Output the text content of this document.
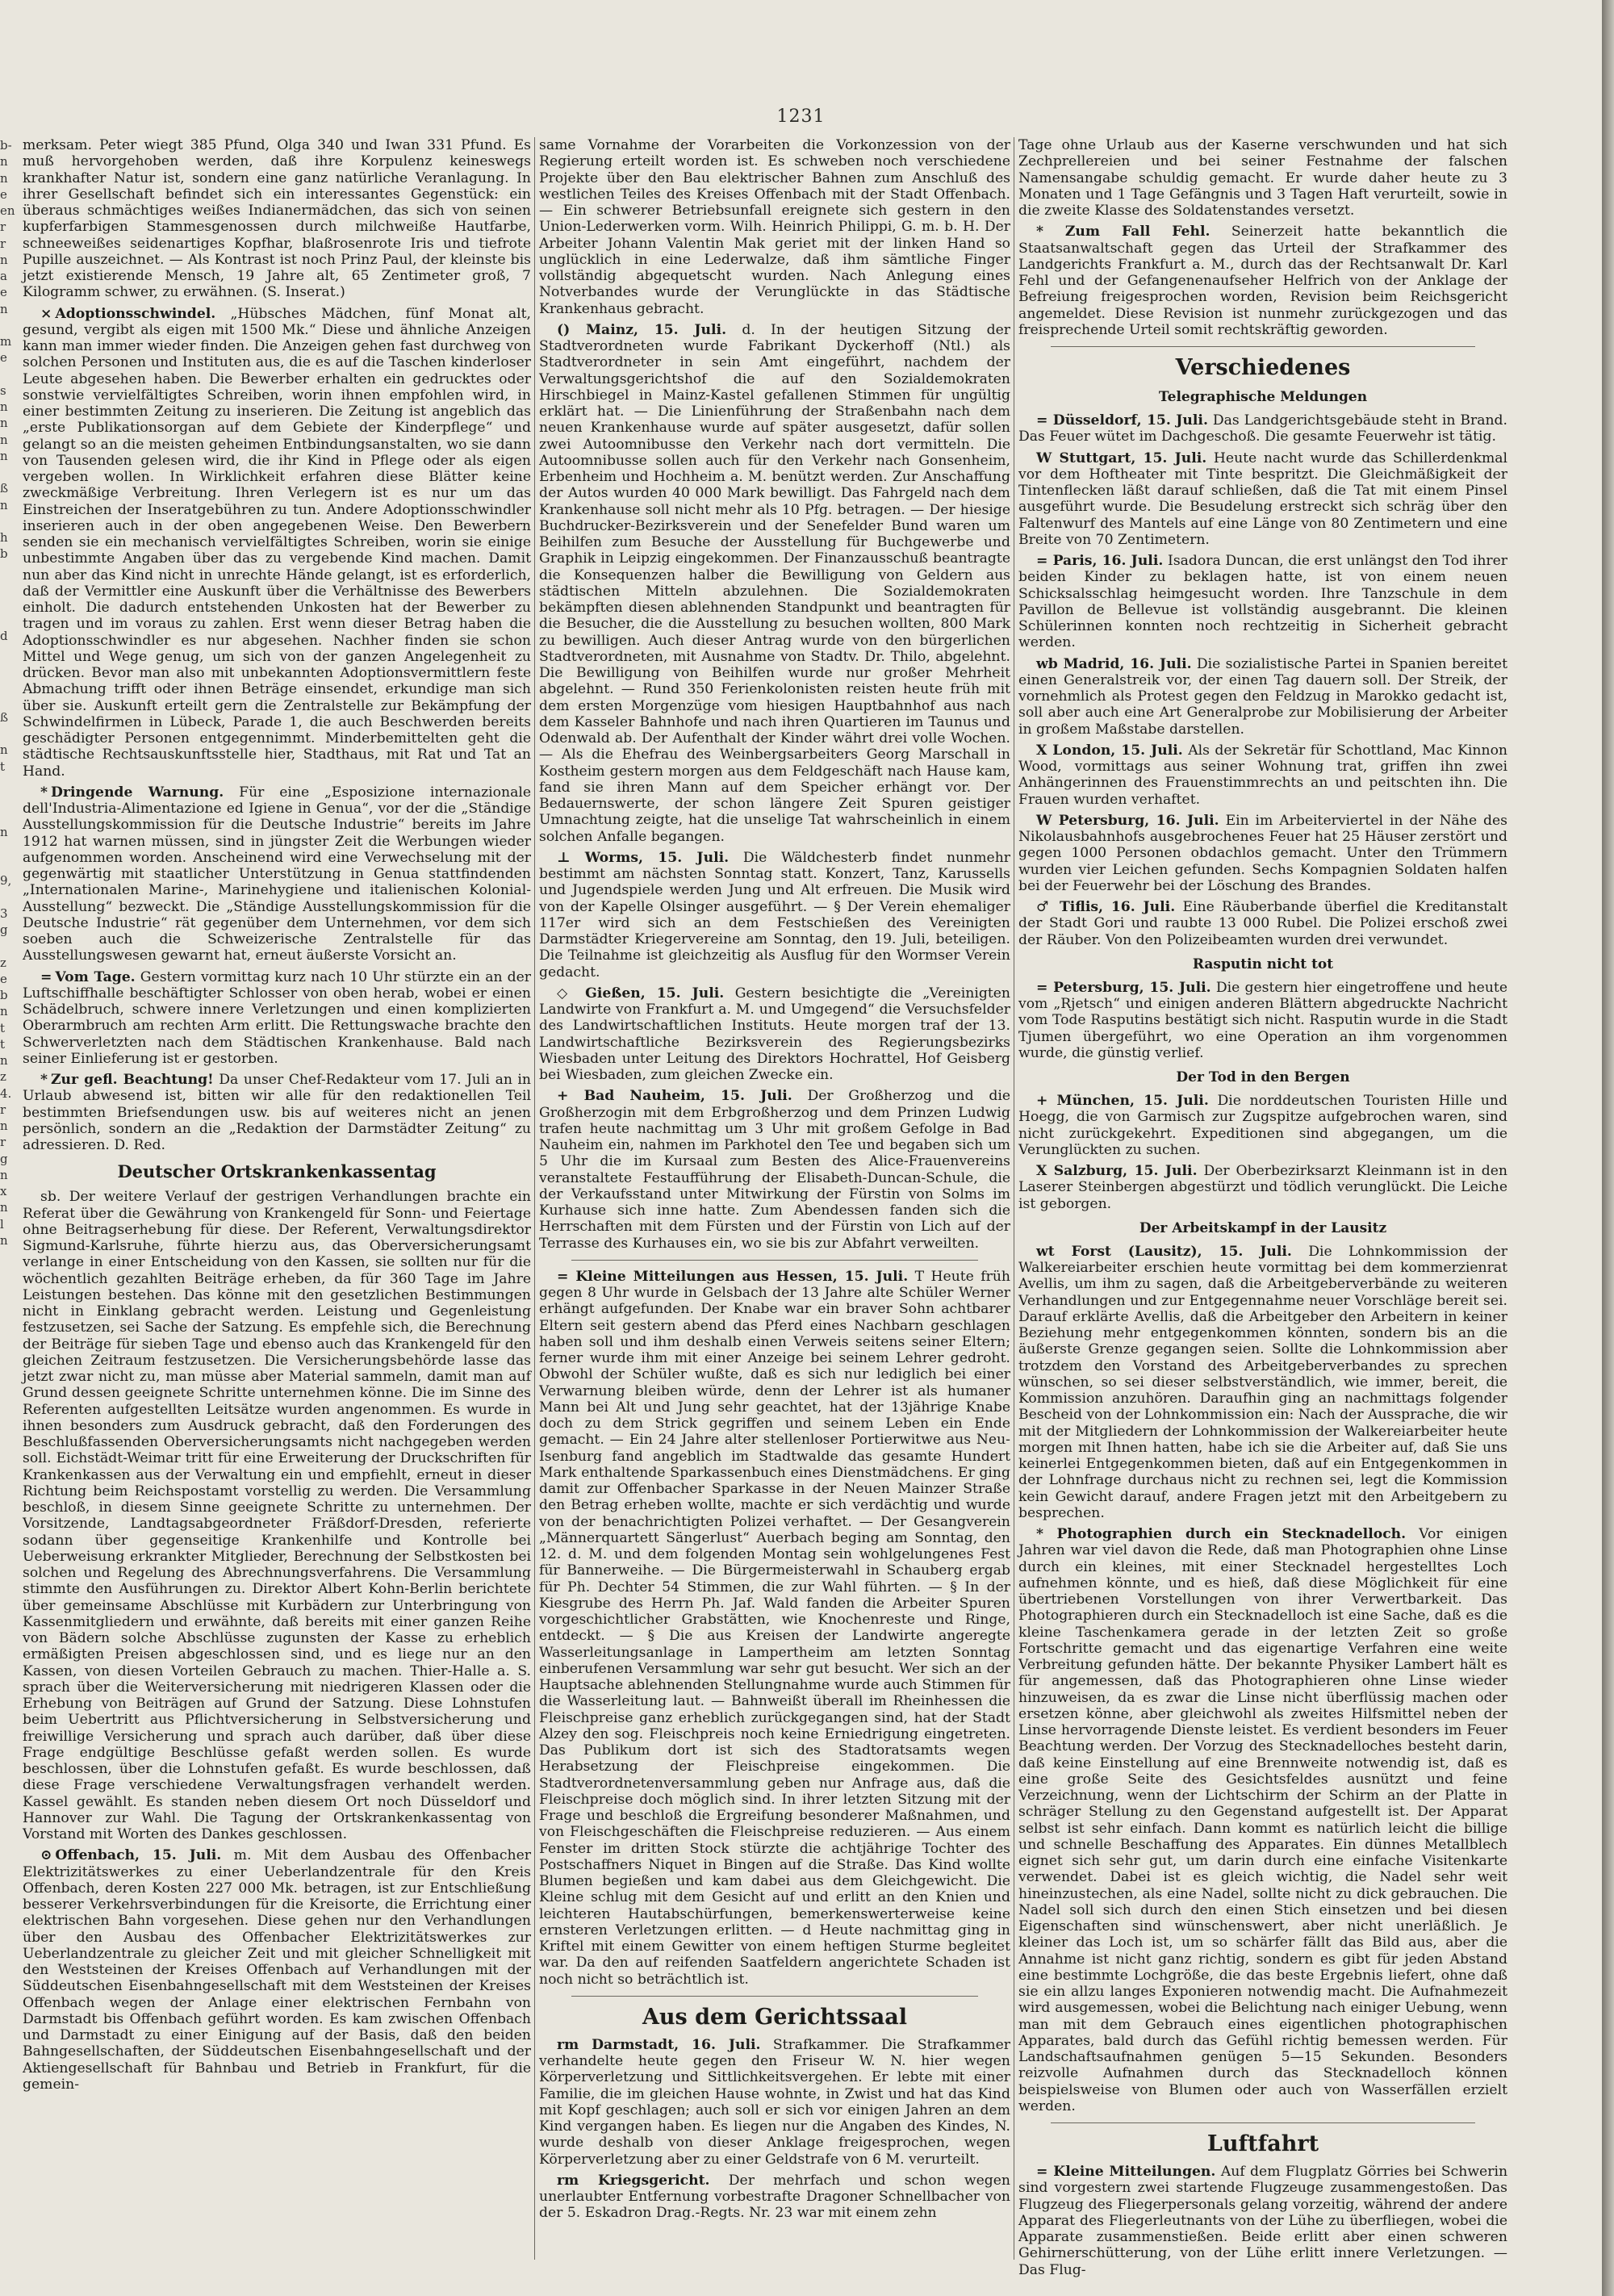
1231
b-
n
n
e
en
r
r
n
a
e
n

m
e

s
n
n
n
n

ß
n

h
b

d

ß

n
t

n

9,

3
g

z
e
b
n
t
t
n
z
4.
r
n
r
g
n
x
n
l
n

merksam. Peter wiegt 385 Pfund, Olga 340 und Iwan 331 Pfund. Es muß hervorgehoben werden, daß ihre Korpulenz keineswegs krankhafter Natur ist, sondern eine ganz natürliche Veranlagung. In ihrer Gesellschaft befindet sich ein interessantes Gegenstück: ein überaus schmächtiges weißes Indianermädchen, das sich von seinen kupferfarbigen Stammesgenossen durch milchweiße Hautfarbe, schneeweißes seidenartiges Kopfhar, blaßrosenrote Iris und tiefrote Pupille auszeichnet. — Als Kontrast ist noch Prinz Paul, der kleinste bis jetzt existierende Mensch, 19 Jahre alt, 65 Zentimeter groß, 7 Kilogramm schwer, zu erwähnen. (S. Inserat.)

× Adoptionsschwindel. „Hübsches Mädchen, fünf Monat alt, gesund, vergibt als eigen mit 1500 Mk.“ Diese und ähnliche Anzeigen kann man immer wieder finden. Die Anzeigen gehen fast durchweg von solchen Personen und Instituten aus, die es auf die Taschen kinderloser Leute abgesehen haben. Die Bewerber erhalten ein gedrucktes oder sonstwie vervielfältigtes Schreiben, worin ihnen empfohlen wird, in einer bestimmten Zeitung zu inserieren. Die Zeitung ist angeblich das „erste Publikationsorgan auf dem Gebiete der Kinderpflege“ und gelangt so an die meisten geheimen Entbindungsanstalten, wo sie dann von Tausenden gelesen wird, die ihr Kind in Pflege oder als eigen vergeben wollen. In Wirklichkeit erfahren diese Blätter keine zweckmäßige Verbreitung. Ihren Verlegern ist es nur um das Einstreichen der Inseratgebühren zu tun. Andere Adoptionsschwindler inserieren auch in der oben angegebenen Weise. Den Bewerbern senden sie ein mechanisch vervielfältigtes Schreiben, worin sie einige unbestimmte Angaben über das zu vergebende Kind machen. Damit nun aber das Kind nicht in unrechte Hände gelangt, ist es erforderlich, daß der Vermittler eine Auskunft über die Verhältnisse des Bewerbers einholt. Die dadurch entstehenden Unkosten hat der Bewerber zu tragen und im voraus zu zahlen. Erst wenn dieser Betrag haben die Adoptionsschwindler es nur abgesehen. Nachher finden sie schon Mittel und Wege genug, um sich von der ganzen Angelegenheit zu drücken. Bevor man also mit unbekannten Adoptionsvermittlern feste Abmachung trifft oder ihnen Beträge einsendet, erkundige man sich über sie. Auskunft erteilt gern die Zentralstelle zur Bekämpfung der Schwindelfirmen in Lübeck, Parade 1, die auch Beschwerden bereits geschädigter Personen entgegennimmt. Minderbemittelten geht die städtische Rechtsauskunftsstelle hier, Stadthaus, mit Rat und Tat an Hand.

* Dringende Warnung. Für eine „Esposizione internazionale dell'Industria-Alimentazione ed Igiene in Genua“, vor der die „Ständige Ausstellungskommission für die Deutsche Industrie“ bereits im Jahre 1912 hat warnen müssen, sind in jüngster Zeit die Werbungen wieder aufgenommen worden. Anscheinend wird eine Verwechselung mit der gegenwärtig mit staatlicher Unterstützung in Genua stattfindenden „Internationalen Marine-, Marinehygiene und italienischen Kolonial-Ausstellung“ bezweckt. Die „Ständige Ausstellungskommission für die Deutsche Industrie“ rät gegenüber dem Unternehmen, vor dem sich soeben auch die Schweizerische Zentralstelle für das Ausstellungswesen gewarnt hat, erneut äußerste Vorsicht an.

= Vom Tage. Gestern vormittag kurz nach 10 Uhr stürzte ein an der Luftschiffhalle beschäftigter Schlosser von oben herab, wobei er einen Schädelbruch, schwere innere Verletzungen und einen komplizierten Oberarmbruch am rechten Arm erlitt. Die Rettungswache brachte den Schwerverletzten nach dem Städtischen Krankenhause. Bald nach seiner Einlieferung ist er gestorben.

* Zur gefl. Beachtung! Da unser Chef-Redakteur vom 17. Juli an in Urlaub abwesend ist, bitten wir alle für den redaktionellen Teil bestimmten Briefsendungen usw. bis auf weiteres nicht an jenen persönlich, sondern an die „Redaktion der Darmstädter Zeitung“ zu adressieren. D. Red.

Deutscher Ortskrankenkassentag

sb. Der weitere Verlauf der gestrigen Verhandlungen brachte ein Referat über die Gewährung von Krankengeld für Sonn- und Feiertage ohne Beitragserhebung für diese. Der Referent, Verwaltungsdirektor Sigmund-Karlsruhe, führte hierzu aus, das Oberversicherungsamt verlange in einer Entscheidung von den Kassen, sie sollten nur für die wöchentlich gezahlten Beiträge erheben, da für 360 Tage im Jahre Leistungen bestehen. Das könne mit den gesetzlichen Bestimmungen nicht in Einklang gebracht werden. Leistung und Gegenleistung festzusetzen, sei Sache der Satzung. Es empfehle sich, die Berechnung der Beiträge für sieben Tage und ebenso auch das Krankengeld für den gleichen Zeitraum festzusetzen. Die Versicherungsbehörde lasse das jetzt zwar nicht zu, man müsse aber Material sammeln, damit man auf Grund dessen geeignete Schritte unternehmen könne. Die im Sinne des Referenten aufgestellten Leitsätze wurden angenommen. Es wurde in ihnen besonders zum Ausdruck gebracht, daß den Forderungen des Beschlußfassenden Oberversicherungsamts nicht nachgegeben werden soll. Eichstädt-Weimar tritt für eine Erweiterung der Druckschriften für Krankenkassen aus der Verwaltung ein und empfiehlt, erneut in dieser Richtung beim Reichspostamt vorstellig zu werden. Die Versammlung beschloß, in diesem Sinne geeignete Schritte zu unternehmen. Der Vorsitzende, Landtagsabgeordneter Fräßdorf-Dresden, referierte sodann über gegenseitige Krankenhilfe und Kontrolle bei Ueberweisung erkrankter Mitglieder, Berechnung der Selbstkosten bei solchen und Regelung des Abrechnungsverfahrens. Die Versammlung stimmte den Ausführungen zu. Direktor Albert Kohn-Berlin berichtete über gemeinsame Abschlüsse mit Kurbädern zur Unterbringung von Kassenmitgliedern und erwähnte, daß bereits mit einer ganzen Reihe von Bädern solche Abschlüsse zugunsten der Kasse zu erheblich ermäßigten Preisen abgeschlossen sind, und es liege nur an den Kassen, von diesen Vorteilen Gebrauch zu machen. Thier-Halle a. S. sprach über die Weiterversicherung mit niedrigeren Klassen oder die Erhebung von Beiträgen auf Grund der Satzung. Diese Lohnstufen beim Uebertritt aus Pflichtversicherung in Selbstversicherung und freiwillige Versicherung und sprach auch darüber, daß über diese Frage endgültige Beschlüsse gefaßt werden sollen. Es wurde beschlossen, über die Lohnstufen gefaßt. Es wurde beschlossen, daß diese Frage verschiedene Verwaltungsfragen verhandelt werden. Kassel gewählt. Es standen neben diesem Ort noch Düsseldorf und Hannover zur Wahl. Die Tagung der Ortskrankenkassentag von Vorstand mit Worten des Dankes geschlossen.

⊙ Offenbach, 15. Juli. m. Mit dem Ausbau des Offenbacher Elektrizitätswerkes zu einer Ueberlandzentrale für den Kreis Offenbach, deren Kosten 227 000 Mk. betragen, ist zur Entschließung besserer Verkehrsverbindungen für die Kreisorte, die Errichtung einer elektrischen Bahn vorgesehen. Diese gehen nur den Verhandlungen über den Ausbau des Offenbacher Elektrizitätswerkes zur Ueberlandzentrale zu gleicher Zeit und mit gleicher Schnelligkeit mit den Weststeinen der Kreises Offenbach auf Verhandlungen mit der Süddeutschen Eisenbahngesellschaft mit dem Weststeinen der Kreises Offenbach wegen der Anlage einer elektrischen Fernbahn von Darmstadt bis Offenbach geführt worden. Es kam zwischen Offenbach und Darmstadt zu einer Einigung auf der Basis, daß den beiden Bahngesellschaften, der Süddeutschen Eisenbahngesellschaft und der Aktiengesellschaft für Bahnbau und Betrieb in Frankfurt, für die gemein-

same Vornahme der Vorarbeiten die Vorkonzession von der Regierung erteilt worden ist. Es schweben noch verschiedene Projekte über den Bau elektrischer Bahnen zum Anschluß des westlichen Teiles des Kreises Offenbach mit der Stadt Offenbach. — Ein schwerer Betriebsunfall ereignete sich gestern in den Union-Lederwerken vorm. Wilh. Heinrich Philippi, G. m. b. H. Der Arbeiter Johann Valentin Mak geriet mit der linken Hand so unglücklich in eine Lederwalze, daß ihm sämtliche Finger vollständig abgequetscht wurden. Nach Anlegung eines Notverbandes wurde der Verunglückte in das Städtische Krankenhaus gebracht.

() Mainz, 15. Juli. d. In der heutigen Sitzung der Stadtverordneten wurde Fabrikant Dyckerhoff (Ntl.) als Stadtverordneter in sein Amt eingeführt, nachdem der Verwaltungsgerichtshof die auf den Sozialdemokraten Hirschbiegel in Mainz-Kastel gefallenen Stimmen für ungültig erklärt hat. — Die Linienführung der Straßenbahn nach dem neuen Krankenhause wurde auf später ausgesetzt, dafür sollen zwei Autoomnibusse den Verkehr nach dort vermitteln. Die Autoomnibusse sollen auch für den Verkehr nach Gonsenheim, Erbenheim und Hochheim a. M. benützt werden. Zur Anschaffung der Autos wurden 40 000 Mark bewilligt. Das Fahrgeld nach dem Krankenhause soll nicht mehr als 10 Pfg. betragen. — Der hiesige Buchdrucker-Bezirksverein und der Senefelder Bund waren um Beihilfen zum Besuche der Ausstellung für Buchgewerbe und Graphik in Leipzig eingekommen. Der Finanzausschuß beantragte die Konsequenzen halber die Bewilligung von Geldern aus städtischen Mitteln abzulehnen. Die Sozialdemokraten bekämpften diesen ablehnenden Standpunkt und beantragten für die Besucher, die die Ausstellung zu besuchen wollten, 800 Mark zu bewilligen. Auch dieser Antrag wurde von den bürgerlichen Stadtverordneten, mit Ausnahme von Stadtv. Dr. Thilo, abgelehnt. Die Bewilligung von Beihilfen wurde nur großer Mehrheit abgelehnt. — Rund 350 Ferienkolonisten reisten heute früh mit dem ersten Morgenzüge vom hiesigen Hauptbahnhof aus nach dem Kasseler Bahnhofe und nach ihren Quartieren im Taunus und Odenwald ab. Der Aufenthalt der Kinder währt drei volle Wochen. — Als die Ehefrau des Weinbergsarbeiters Georg Marschall in Kostheim gestern morgen aus dem Feldgeschäft nach Hause kam, fand sie ihren Mann auf dem Speicher erhängt vor. Der Bedauernswerte, der schon längere Zeit Spuren geistiger Umnachtung zeigte, hat die unselige Tat wahrscheinlich in einem solchen Anfalle begangen.

⊥ Worms, 15. Juli. Die Wäldchesterb findet nunmehr bestimmt am nächsten Sonntag statt. Konzert, Tanz, Karussells und Jugendspiele werden Jung und Alt erfreuen. Die Musik wird von der Kapelle Olsinger ausgeführt. — § Der Verein ehemaliger 117er wird sich an dem Festschießen des Vereinigten Darmstädter Kriegervereine am Sonntag, den 19. Juli, beteiligen. Die Teilnahme ist gleichzeitig als Ausflug für den Wormser Verein gedacht.

◇ Gießen, 15. Juli. Gestern besichtigte die „Vereinigten Landwirte von Frankfurt a. M. und Umgegend“ die Versuchsfelder des Landwirtschaftlichen Instituts. Heute morgen traf der 13. Landwirtschaftliche Bezirksverein des Regierungsbezirks Wiesbaden unter Leitung des Direktors Hochrattel, Hof Geisberg bei Wiesbaden, zum gleichen Zwecke ein.

+ Bad Nauheim, 15. Juli. Der Großherzog und die Großherzogin mit dem Erbgroßherzog und dem Prinzen Ludwig trafen heute nachmittag um 3 Uhr mit großem Gefolge in Bad Nauheim ein, nahmen im Parkhotel den Tee und begaben sich um 5 Uhr die im Kursaal zum Besten des Alice-Frauenvereins veranstaltete Festaufführung der Elisabeth-Duncan-Schule, die der Verkaufsstand unter Mitwirkung der Fürstin von Solms im Kurhause sich inne hatte. Zum Abendessen fanden sich die Herrschaften mit dem Fürsten und der Fürstin von Lich auf der Terrasse des Kurhauses ein, wo sie bis zur Abfahrt verweilten.

= Kleine Mitteilungen aus Hessen, 15. Juli. T Heute früh gegen 8 Uhr wurde in Gelsbach der 13 Jahre alte Schüler Werner erhängt aufgefunden. Der Knabe war ein braver Sohn achtbarer Eltern seit gestern abend das Pferd eines Nachbarn geschlagen haben soll und ihm deshalb einen Verweis seitens seiner Eltern; ferner wurde ihm mit einer Anzeige bei seinem Lehrer gedroht. Obwohl der Schüler wußte, daß es sich nur lediglich bei einer Verwarnung bleiben würde, denn der Lehrer ist als humaner Mann bei Alt und Jung sehr geachtet, hat der 13jährige Knabe doch zu dem Strick gegriffen und seinem Leben ein Ende gemacht. — Ein 24 Jahre alter stellenloser Portierwitwe aus Neu-Isenburg fand angeblich im Stadtwalde das gesamte Hundert Mark enthaltende Sparkassenbuch eines Dienstmädchens. Er ging damit zur Offenbacher Sparkasse in der Neuen Mainzer Straße den Betrag erheben wollte, machte er sich verdächtig und wurde von der benachrichtigten Polizei verhaftet. — Der Gesangverein „Männerquartett Sängerlust“ Auerbach beging am Sonntag, den 12. d. M. und dem folgenden Montag sein wohlgelungenes Fest für Bannerweihe. — Die Bürgermeisterwahl in Schauberg ergab für Ph. Dechter 54 Stimmen, die zur Wahl führten. — § In der Kiesgrube des Herrn Ph. Jaf. Wald fanden die Arbeiter Spuren vorgeschichtlicher Grabstätten, wie Knochenreste und Ringe, entdeckt. — § Die aus Kreisen der Landwirte angeregte Wasserleitungsanlage in Lampertheim am letzten Sonntag einberufenen Versammlung war sehr gut besucht. Wer sich an der Hauptsache ablehnenden Stellungnahme wurde auch Stimmen für die Wasserleitung laut. — Bahnweißt überall im Rheinhessen die Fleischpreise ganz erheblich zurückgegangen sind, hat der Stadt Alzey den sog. Fleischpreis noch keine Erniedrigung eingetreten. Das Publikum dort ist sich des Stadtoratsamts wegen Herabsetzung der Fleischpreise eingekommen. Die Stadtverordnetenversammlung geben nur Anfrage aus, daß die Fleischpreise doch möglich sind. In ihrer letzten Sitzung mit der Frage und beschloß die Ergreifung besonderer Maßnahmen, und von Fleischgeschäften die Fleischpreise reduzieren. — Aus einem Fenster im dritten Stock stürzte die achtjährige Tochter des Postschaffners Niquet in Bingen auf die Straße. Das Kind wollte Blumen begießen und kam dabei aus dem Gleichgewicht. Die Kleine schlug mit dem Gesicht auf und erlitt an den Knien und leichteren Hautabschürfungen, bemerkenswerterweise keine ernsteren Verletzungen erlitten. — d Heute nachmittag ging in Kriftel mit einem Gewitter von einem heftigen Sturme begleitet war. Da den auf reifenden Saatfeldern angerichtete Schaden ist noch nicht so beträchtlich ist.

Aus dem Gerichtssaal

rm Darmstadt, 16. Juli. Strafkammer. Die Strafkammer verhandelte heute gegen den Friseur W. N. hier wegen Körperverletzung und Sittlichkeitsvergehen. Er lebte mit einer Familie, die im gleichen Hause wohnte, in Zwist und hat das Kind mit Kopf geschlagen; auch soll er sich vor einigen Jahren an dem Kind vergangen haben. Es liegen nur die Angaben des Kindes, N. wurde deshalb von dieser Anklage freigesprochen, wegen Körperverletzung aber zu einer Geldstrafe von 6 M. verurteilt.

rm Kriegsgericht. Der mehrfach und schon wegen unerlaubter Entfernung vorbestrafte Dragoner Schnellbacher von der 5. Eskadron Drag.-Regts. Nr. 23 war mit einem zehn

Tage ohne Urlaub aus der Kaserne verschwunden und hat sich Zechprellereien und bei seiner Festnahme der falschen Namensangabe schuldig gemacht. Er wurde daher heute zu 3 Monaten und 1 Tage Gefängnis und 3 Tagen Haft verurteilt, sowie in die zweite Klasse des Soldatenstandes versetzt.

* Zum Fall Fehl. Seinerzeit hatte bekanntlich die Staatsanwaltschaft gegen das Urteil der Strafkammer des Landgerichts Frankfurt a. M., durch das der Rechtsanwalt Dr. Karl Fehl und der Gefangenenaufseher Helfrich von der Anklage der Befreiung freigesprochen worden, Revision beim Reichsgericht angemeldet. Diese Revision ist nunmehr zurückgezogen und das freisprechende Urteil somit rechtskräftig geworden.

Verschiedenes
Telegraphische Meldungen

= Düsseldorf, 15. Juli. Das Landgerichtsgebäude steht in Brand. Das Feuer wütet im Dachgeschoß. Die gesamte Feuerwehr ist tätig.

W Stuttgart, 15. Juli. Heute nacht wurde das Schillerdenkmal vor dem Hoftheater mit Tinte bespritzt. Die Gleichmäßigkeit der Tintenflecken läßt darauf schließen, daß die Tat mit einem Pinsel ausgeführt wurde. Die Besudelung erstreckt sich schräg über den Faltenwurf des Mantels auf eine Länge von 80 Zentimetern und eine Breite von 70 Zentimetern.

= Paris, 16. Juli. Isadora Duncan, die erst unlängst den Tod ihrer beiden Kinder zu beklagen hatte, ist von einem neuen Schicksalsschlag heimgesucht worden. Ihre Tanzschule in dem Pavillon de Bellevue ist vollständig ausgebrannt. Die kleinen Schülerinnen konnten noch rechtzeitig in Sicherheit gebracht werden.

wb Madrid, 16. Juli. Die sozialistische Partei in Spanien bereitet einen Generalstreik vor, der einen Tag dauern soll. Der Streik, der vornehmlich als Protest gegen den Feldzug in Marokko gedacht ist, soll aber auch eine Art Generalprobe zur Mobilisierung der Arbeiter in großem Maßstabe darstellen.

X London, 15. Juli. Als der Sekretär für Schottland, Mac Kinnon Wood, vormittags aus seiner Wohnung trat, griffen ihn zwei Anhängerinnen des Frauenstimmrechts an und peitschten ihn. Die Frauen wurden verhaftet.

W Petersburg, 16. Juli. Ein im Arbeiterviertel in der Nähe des Nikolausbahnhofs ausgebrochenes Feuer hat 25 Häuser zerstört und gegen 1000 Personen obdachlos gemacht. Unter den Trümmern wurden vier Leichen gefunden. Sechs Kompagnien Soldaten halfen bei der Feuerwehr bei der Löschung des Brandes.

♂ Tiflis, 16. Juli. Eine Räuberbande überfiel die Kreditanstalt der Stadt Gori und raubte 13 000 Rubel. Die Polizei erschoß zwei der Räuber. Von den Polizeibeamten wurden drei verwundet.

Rasputin nicht tot

= Petersburg, 15. Juli. Die gestern hier eingetroffene und heute vom „Rjetsch“ und einigen anderen Blättern abgedruckte Nachricht vom Tode Rasputins bestätigt sich nicht. Rasputin wurde in die Stadt Tjumen übergeführt, wo eine Operation an ihm vorgenommen wurde, die günstig verlief.

Der Tod in den Bergen

+ München, 15. Juli. Die norddeutschen Touristen Hille und Hoegg, die von Garmisch zur Zugspitze aufgebrochen waren, sind nicht zurückgekehrt. Expeditionen sind abgegangen, um die Verunglückten zu suchen.

X Salzburg, 15. Juli. Der Oberbezirksarzt Kleinmann ist in den Laserer Steinbergen abgestürzt und tödlich verunglückt. Die Leiche ist geborgen.

Der Arbeitskampf in der Lausitz

wt Forst (Lausitz), 15. Juli. Die Lohnkommission der Walkereiarbeiter erschien heute vormittag bei dem kommerzienrat Avellis, um ihm zu sagen, daß die Arbeitgeberverbände zu weiteren Verhandlungen und zur Entgegennahme neuer Vorschläge bereit sei. Darauf erklärte Avellis, daß die Arbeitgeber den Arbeitern in keiner Beziehung mehr entgegenkommen könnten, sondern bis an die äußerste Grenze gegangen seien. Sollte die Lohnkommission aber trotzdem den Vorstand des Arbeitgeberverbandes zu sprechen wünschen, so sei dieser selbstverständlich, wie immer, bereit, die Kommission anzuhören. Daraufhin ging an nachmittags folgender Bescheid von der Lohnkommission ein: Nach der Aussprache, die wir mit der Mitgliedern der Lohnkommission der Walkereiarbeiter heute morgen mit Ihnen hatten, habe ich sie die Arbeiter auf, daß Sie uns keinerlei Entgegenkommen bieten, daß auf ein Entgegenkommen in der Lohnfrage durchaus nicht zu rechnen sei, legt die Kommission kein Gewicht darauf, andere Fragen jetzt mit den Arbeitgebern zu besprechen.

* Photographien durch ein Stecknadelloch. Vor einigen Jahren war viel davon die Rede, daß man Photographien ohne Linse durch ein kleines, mit einer Stecknadel hergestelltes Loch aufnehmen könnte, und es hieß, daß diese Möglichkeit für eine übertriebenen Vorstellungen von ihrer Verwertbarkeit. Das Photographieren durch ein Stecknadelloch ist eine Sache, daß es die kleine Taschenkamera gerade in der letzten Zeit so große Fortschritte gemacht und das eigenartige Verfahren eine weite Verbreitung gefunden hätte. Der bekannte Physiker Lambert hält es für angemessen, daß das Photographieren ohne Linse wieder hinzuweisen, da es zwar die Linse nicht überflüssig machen oder ersetzen könne, aber gleichwohl als zweites Hilfsmittel neben der Linse hervorragende Dienste leistet. Es verdient besonders im Feuer Beachtung werden. Der Vorzug des Stecknadelloches besteht darin, daß keine Einstellung auf eine Brennweite notwendig ist, daß es eine große Seite des Gesichtsfeldes ausnützt und feine Verzeichnung, wenn der Lichtschirm der Schirm an der Platte in schräger Stellung zu den Gegenstand aufgestellt ist. Der Apparat selbst ist sehr einfach. Dann kommt es natürlich leicht die billige und schnelle Beschaffung des Apparates. Ein dünnes Metallblech eignet sich sehr gut, um darin durch eine einfache Visitenkarte verwendet. Dabei ist es gleich wichtig, die Nadel sehr weit hineinzustechen, als eine Nadel, sollte nicht zu dick gebrauchen. Die Nadel soll sich durch den einen Stich einsetzen und bei diesen Eigenschaften sind wünschenswert, aber nicht unerläßlich. Je kleiner das Loch ist, um so schärfer fällt das Bild aus, aber die Annahme ist nicht ganz richtig, sondern es gibt für jeden Abstand eine bestimmte Lochgröße, die das beste Ergebnis liefert, ohne daß sie ein allzu langes Exponieren notwendig macht. Die Aufnahmezeit wird ausgemessen, wobei die Belichtung nach einiger Uebung, wenn man mit dem Gebrauch eines eigentlichen photographischen Apparates, bald durch das Gefühl richtig bemessen werden. Für Landschaftsaufnahmen genügen 5—15 Sekunden. Besonders reizvolle Aufnahmen durch das Stecknadelloch können beispielsweise von Blumen oder auch von Wasserfällen erzielt werden.

Luftfahrt

= Kleine Mitteilungen. Auf dem Flugplatz Görries bei Schwerin sind vorgestern zwei startende Flugzeuge zusammengestoßen. Das Flugzeug des Fliegerpersonals gelang vorzeitig, während der andere Apparat des Fliegerleutnants von der Lühe zu überfliegen, wobei die Apparate zusammenstießen. Beide erlitt aber einen schweren Gehirnerschütterung, von der Lühe erlitt innere Verletzungen. — Das Flug-
